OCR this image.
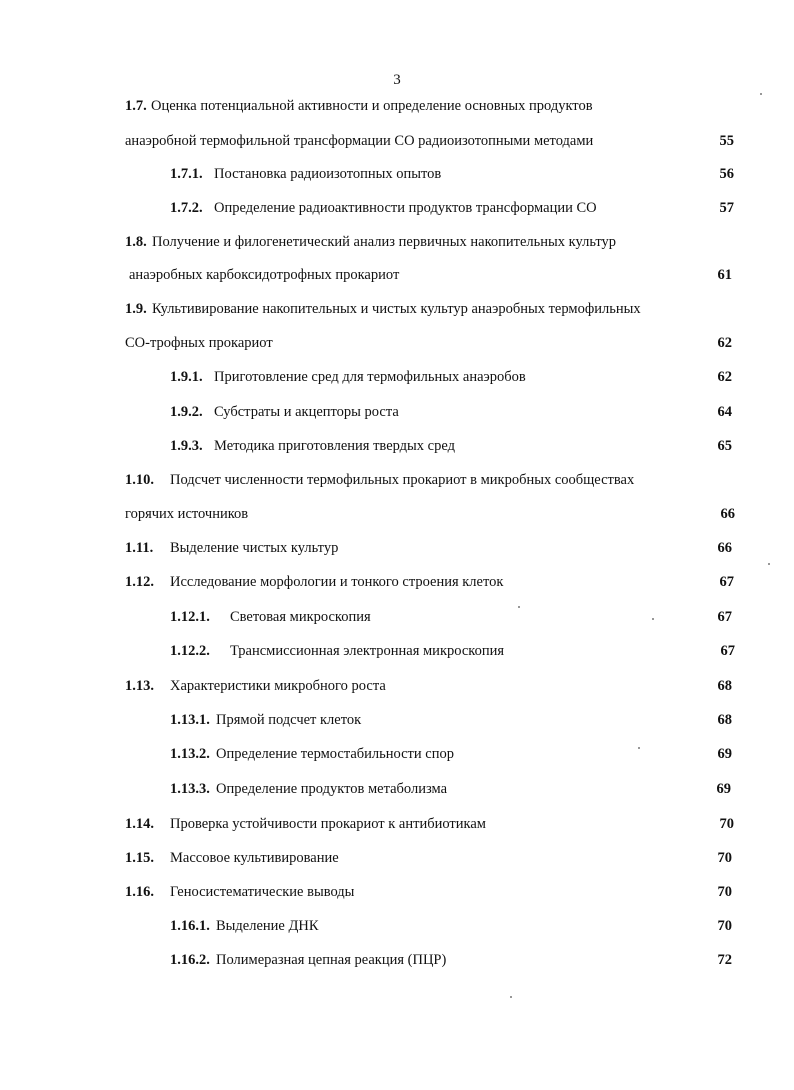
3
1.7. Оценка потенциальной активности и определение основных продуктов
анаэробной термофильной трансформации СО радиоизотопными методами	55
1.7.1. Постановка радиоизотопных опытов	56
1.7.2. Определение радиоактивности продуктов трансформации СО	57
1.8. Получение и филогенетический анализ первичных накопительных культур
анаэробных карбоксидотрофных прокариот	61
1.9. Культивирование накопительных и чистых культур анаэробных термофильных
СО-трофных прокариот	62
1.9.1. Приготовление сред для термофильных анаэробов	62
1.9.2. Субстраты и акцепторы роста	64
1.9.3. Методика приготовления твердых сред	65
1.10. Подсчет численности термофильных прокариот в микробных сообществах
горячих источников	66
1.11. Выделение чистых культур	66
1.12. Исследование морфологии и тонкого строения клеток	67
1.12.1. Световая микроскопия	67
1.12.2. Трансмиссионная электронная микроскопия	67
1.13. Характеристики микробного роста	68
1.13.1. Прямой подсчет клеток	68
1.13.2. Определение термостабильности спор	69
1.13.3. Определение продуктов метаболизма	69
1.14. Проверка устойчивости прокариот к антибиотикам	70
1.15. Массовое культивирование	70
1.16. Геносистематические выводы	70
1.16.1. Выделение ДНК	70
1.16.2. Полимеразная цепная реакция (ПЦР)	72
